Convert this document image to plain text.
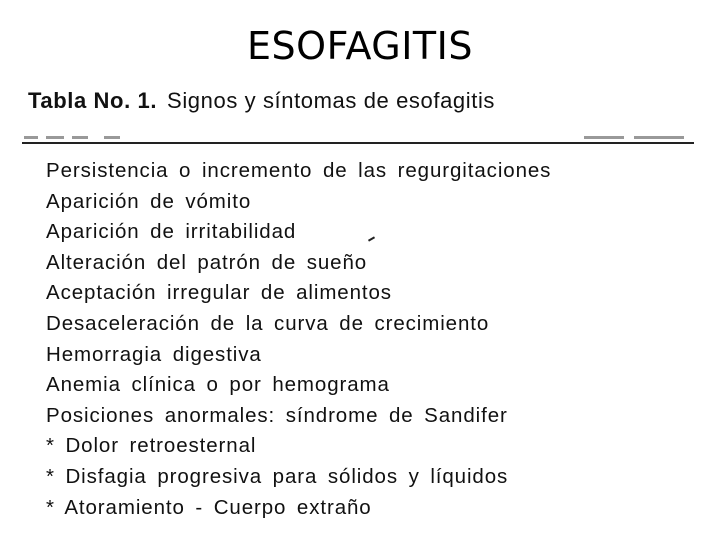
ESOFAGITIS
Tabla No. 1. Signos y síntomas de esofagitis
Persistencia o incremento de las regurgitaciones
Aparición de vómito
Aparición de irritabilidad
Alteración del patrón de sueño
Aceptación irregular de alimentos
Desaceleración de la curva de crecimiento
Hemorragia digestiva
Anemia clínica o por hemograma
Posiciones anormales: síndrome de Sandifer
* Dolor retroesternal
* Disfagia progresiva para sólidos y líquidos
* Atoramiento - Cuerpo extraño
